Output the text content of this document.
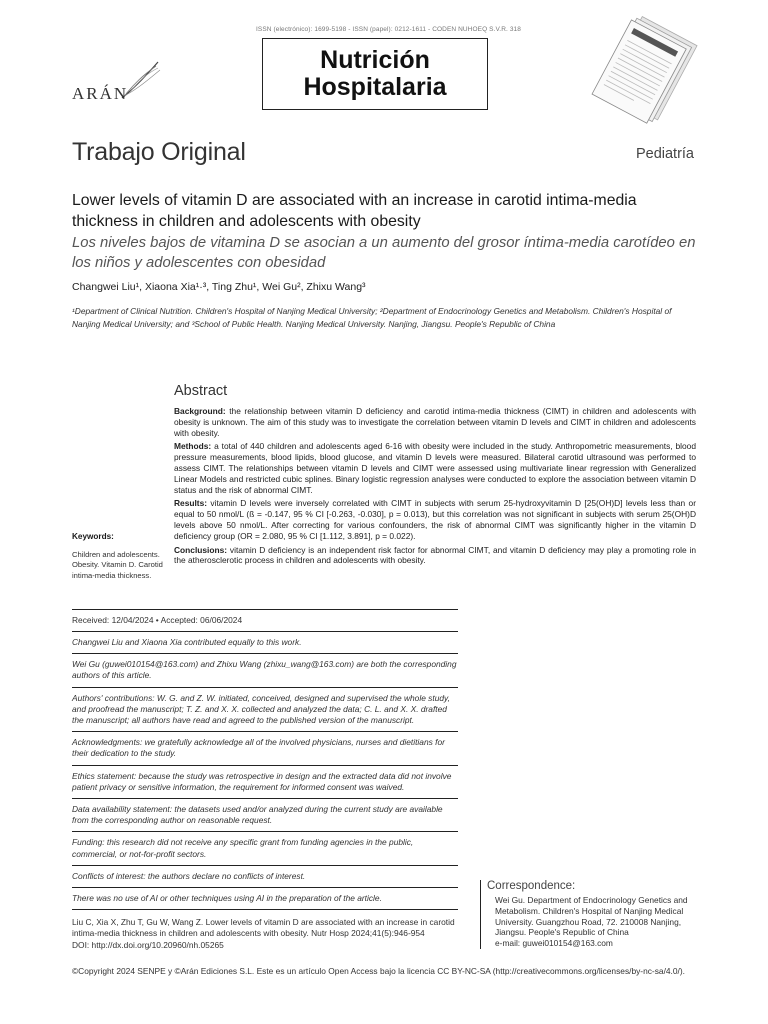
ISSN (electrónico): 1699-5198 - ISSN (papel): 0212-1611 - CODEN NUHOEQ S.V.R. 318
ARÁN
Nutrición
Hospitalaria
Trabajo Original	Pediatría
Lower levels of vitamin D are associated with an increase in carotid intima-media thickness in children and adolescents with obesity
Los niveles bajos de vitamina D se asocian a un aumento del grosor íntima-media carotídeo en los niños y adolescentes con obesidad
Changwei Liu¹, Xiaona Xia¹·³, Ting Zhu¹, Wei Gu², Zhixu Wang³
¹Department of Clinical Nutrition. Children's Hospital of Nanjing Medical University; ²Department of Endocrinology Genetics and Metabolism. Children's Hospital of Nanjing Medical University; and ³School of Public Health. Nanjing Medical University. Nanjing, Jiangsu. People's Republic of China
Abstract

Background: the relationship between vitamin D deficiency and carotid intima-media thickness (CIMT) in children and adolescents with obesity is unknown. The aim of this study was to investigate the correlation between vitamin D levels and CIMT in children and adolescents with obesity.

Methods: a total of 440 children and adolescents aged 6-16 with obesity were included in the study. Anthropometric measurements, blood pressure measurements, blood lipids, blood glucose, and vitamin D levels were measured. Bilateral carotid ultrasound was performed to assess CIMT. The relationships between vitamin D levels and CIMT were assessed using multivariate linear regression with Generalized Linear Models and restricted cubic splines. Binary logistic regression analyses were conducted to explore the association between vitamin D status and the risk of abnormal CIMT.

Results: vitamin D levels were inversely correlated with CIMT in subjects with serum 25-hydroxyvitamin D [25(OH)D] levels less than or equal to 50 nmol/L (ß = -0.147, 95 % CI [-0.263, -0.030], p = 0.013), but this correlation was not significant in subjects with serum 25(OH)D levels above 50 nmol/L. After correcting for various confounders, the risk of abnormal CIMT was significantly higher in the vitamin D deficiency group (OR = 2.080, 95 % CI [1.112, 3.891], p = 0.022).

Conclusions: vitamin D deficiency is an independent risk factor for abnormal CIMT, and vitamin D deficiency may play a promoting role in the atherosclerotic process in children and adolescents with obesity.

Keywords:
Children and adolescents. Obesity. Vitamin D. Carotid intima-media thickness.
Received: 12/04/2024 • Accepted: 06/06/2024
Changwei Liu and Xiaona Xia contributed equally to this work.
Wei Gu (guwei010154@163.com) and Zhixu Wang (zhixu_wang@163.com) are both the corresponding authors of this article.
Authors' contributions: W. G. and Z. W. initiated, conceived, designed and supervised the whole study, and proofread the manuscript; T. Z. and X. X. collected and analyzed the data; C. L. and X. X. drafted the manuscript; all authors have read and agreed to the published version of the manuscript.
Acknowledgments: we gratefully acknowledge all of the involved physicians, nurses and dietitians for their dedication to the study.
Ethics statement: because the study was retrospective in design and the extracted data did not involve patient privacy or sensitive information, the requirement for informed consent was waived.
Data availability statement: the datasets used and/or analyzed during the current study are available from the corresponding author on reasonable request.
Funding: this research did not receive any specific grant from funding agencies in the public, commercial, or not-for-profit sectors.
Conflicts of interest: the authors declare no conflicts of interest.
There was no use of AI or other techniques using AI in the preparation of the article.
Liu C, Xia X, Zhu T, Gu W, Wang Z. Lower levels of vitamin D are associated with an increase in carotid intima-media thickness in children and adolescents with obesity. Nutr Hosp 2024;41(5):946-954
DOI: http://dx.doi.org/10.20960/nh.05265
Correspondence:
Wei Gu. Department of Endocrinology Genetics and Metabolism. Children's Hospital of Nanjing Medical University. Guangzhou Road, 72. 210008 Nanjing, Jiangsu. People's Republic of China
e-mail: guwei010154@163.com
©Copyright 2024 SENPE y ©Arán Ediciones S.L. Este es un artículo Open Access bajo la licencia CC BY-NC-SA (http://creativecommons.org/licenses/by-nc-sa/4.0/).
